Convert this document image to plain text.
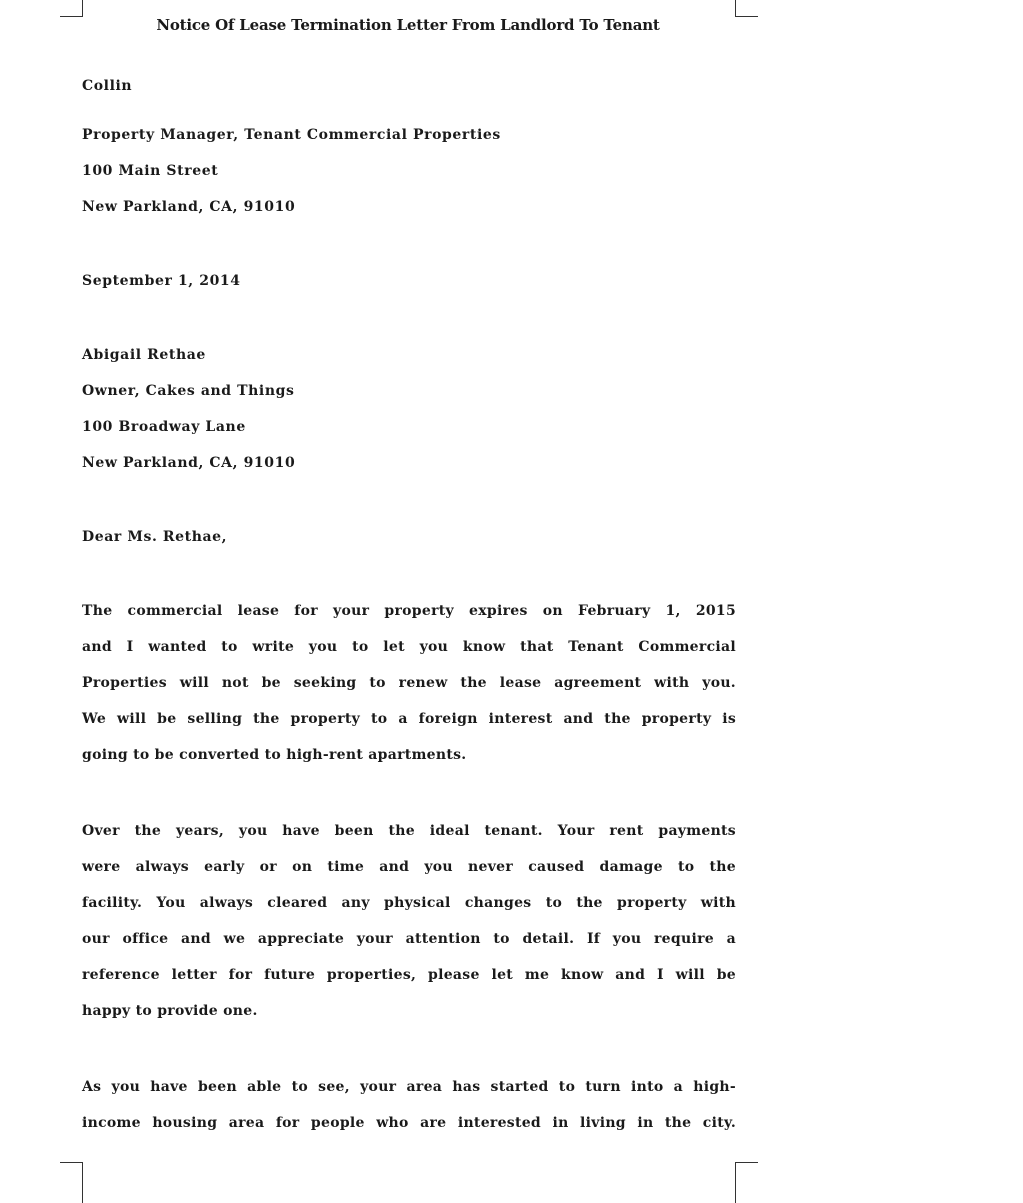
Notice Of Lease Termination Letter From Landlord To Tenant
Collin
Property Manager, Tenant Commercial Properties
100 Main Street
New Parkland, CA, 91010
September 1, 2014
Abigail Rethae
Owner, Cakes and Things
100 Broadway Lane
New Parkland, CA, 91010
Dear Ms. Rethae,
The commercial lease for your property expires on February 1, 2015
and I wanted to write you to let you know that Tenant Commercial
Properties will not be seeking to renew the lease agreement with you.
We will be selling the property to a foreign interest and the property is
going to be converted to high-rent apartments.
Over the years, you have been the ideal tenant. Your rent payments
were always early or on time and you never caused damage to the
facility. You always cleared any physical changes to the property with
our office and we appreciate your attention to detail. If you require a
reference letter for future properties, please let me know and I will be
happy to provide one.
As you have been able to see, your area has started to turn into a high-
income housing area for people who are interested in living in the city.
